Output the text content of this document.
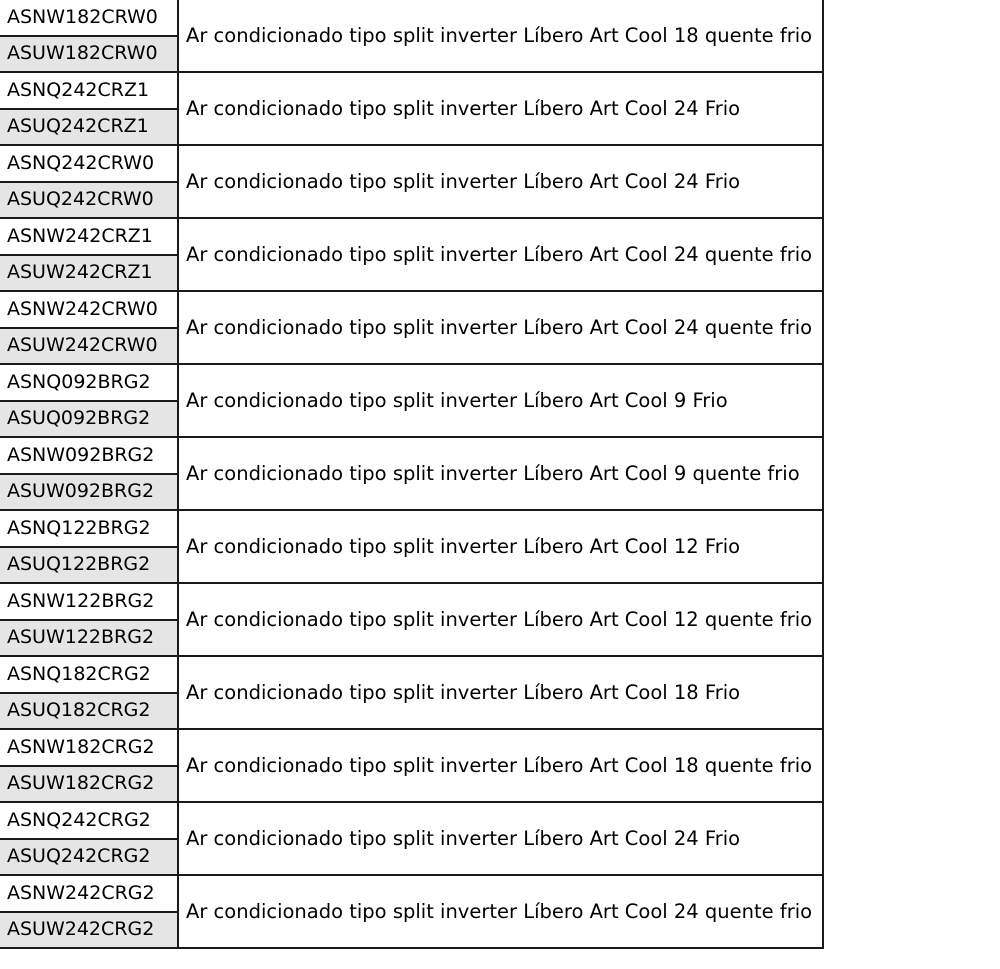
ASNW182CRW0	Ar condicionado tipo split inverter Líbero Art Cool 18 quente frio
ASUW182CRW0	
ASNQ242CRZ1	Ar condicionado tipo split inverter Líbero Art Cool 24 Frio
ASUQ242CRZ1	
ASNQ242CRW0	Ar condicionado tipo split inverter Líbero Art Cool 24 Frio
ASUQ242CRW0	
ASNW242CRZ1	Ar condicionado tipo split inverter Líbero Art Cool 24 quente frio
ASUW242CRZ1	
ASNW242CRW0	Ar condicionado tipo split inverter Líbero Art Cool 24 quente frio
ASUW242CRW0	
ASNQ092BRG2	Ar condicionado tipo split inverter Líbero Art Cool 9 Frio
ASUQ092BRG2	
ASNW092BRG2	Ar condicionado tipo split inverter Líbero Art Cool 9 quente frio
ASUW092BRG2	
ASNQ122BRG2	Ar condicionado tipo split inverter Líbero Art Cool 12 Frio
ASUQ122BRG2	
ASNW122BRG2	Ar condicionado tipo split inverter Líbero Art Cool 12 quente frio
ASUW122BRG2	
ASNQ182CRG2	Ar condicionado tipo split inverter Líbero Art Cool 18 Frio
ASUQ182CRG2	
ASNW182CRG2	Ar condicionado tipo split inverter Líbero Art Cool 18 quente frio
ASUW182CRG2	
ASNQ242CRG2	Ar condicionado tipo split inverter Líbero Art Cool 24 Frio
ASUQ242CRG2	
ASNW242CRG2	Ar condicionado tipo split inverter Líbero Art Cool 24 quente frio
ASUW242CRG2	
